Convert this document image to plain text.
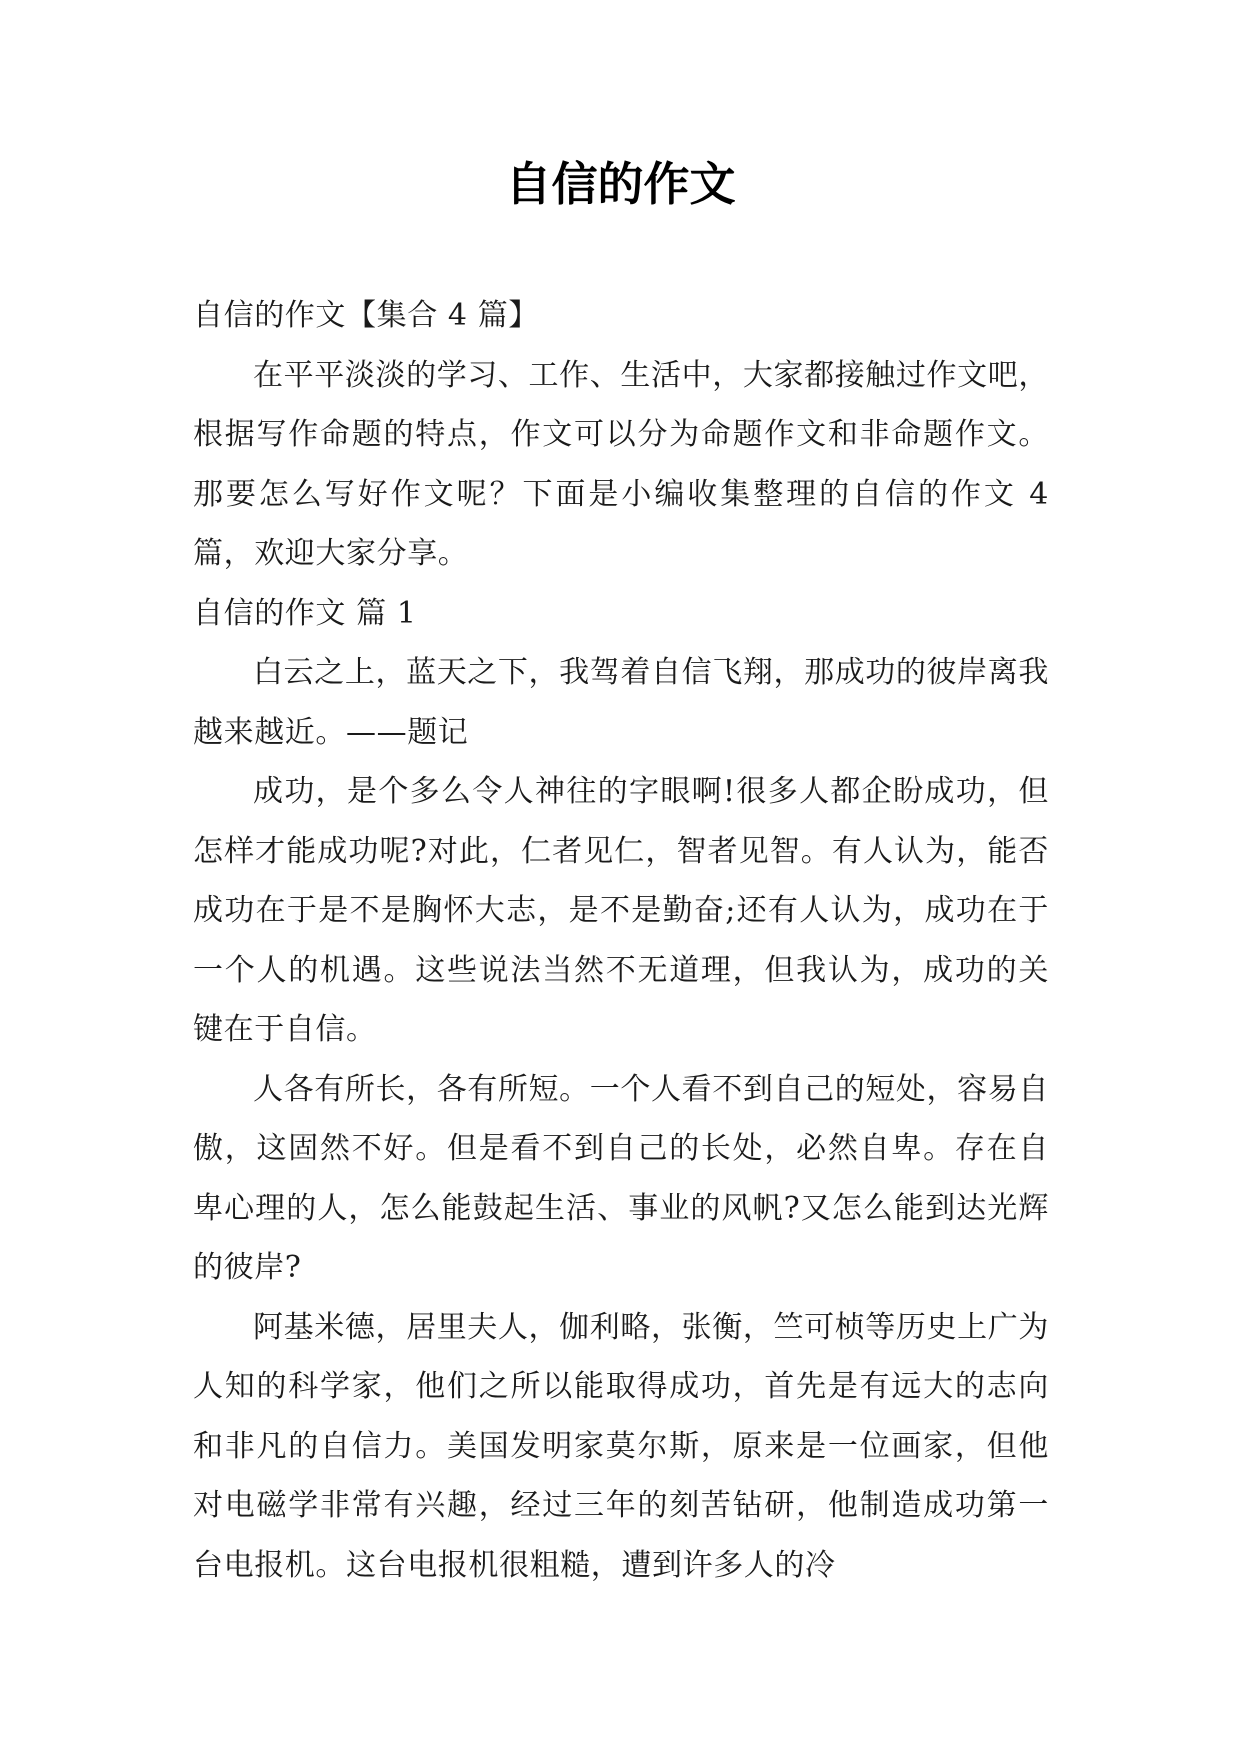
自信的作文

自信的作文【集合 4 篇】

在平平淡淡的学习、工作、生活中，大家都接触过作文吧，根据写作命题的特点，作文可以分为命题作文和非命题作文。那要怎么写好作文呢？下面是小编收集整理的自信的作文 4 篇，欢迎大家分享。

自信的作文 篇 1

白云之上，蓝天之下，我驾着自信飞翔，那成功的彼岸离我越来越近。——题记

成功，是个多么令人神往的字眼啊!很多人都企盼成功，但怎样才能成功呢?对此，仁者见仁，智者见智。有人认为，能否成功在于是不是胸怀大志，是不是勤奋;还有人认为，成功在于一个人的机遇。这些说法当然不无道理，但我认为，成功的关键在于自信。

人各有所长，各有所短。一个人看不到自己的短处，容易自傲，这固然不好。但是看不到自己的长处，必然自卑。存在自卑心理的人，怎么能鼓起生活、事业的风帆?又怎么能到达光辉的彼岸?

阿基米德，居里夫人，伽利略，张衡，竺可桢等历史上广为人知的科学家，他们之所以能取得成功，首先是有远大的志向和非凡的自信力。美国发明家莫尔斯，原来是一位画家，但他对电磁学非常有兴趣，经过三年的刻苦钻研，他制造成功第一台电报机。这台电报机很粗糙，遭到许多人的冷
